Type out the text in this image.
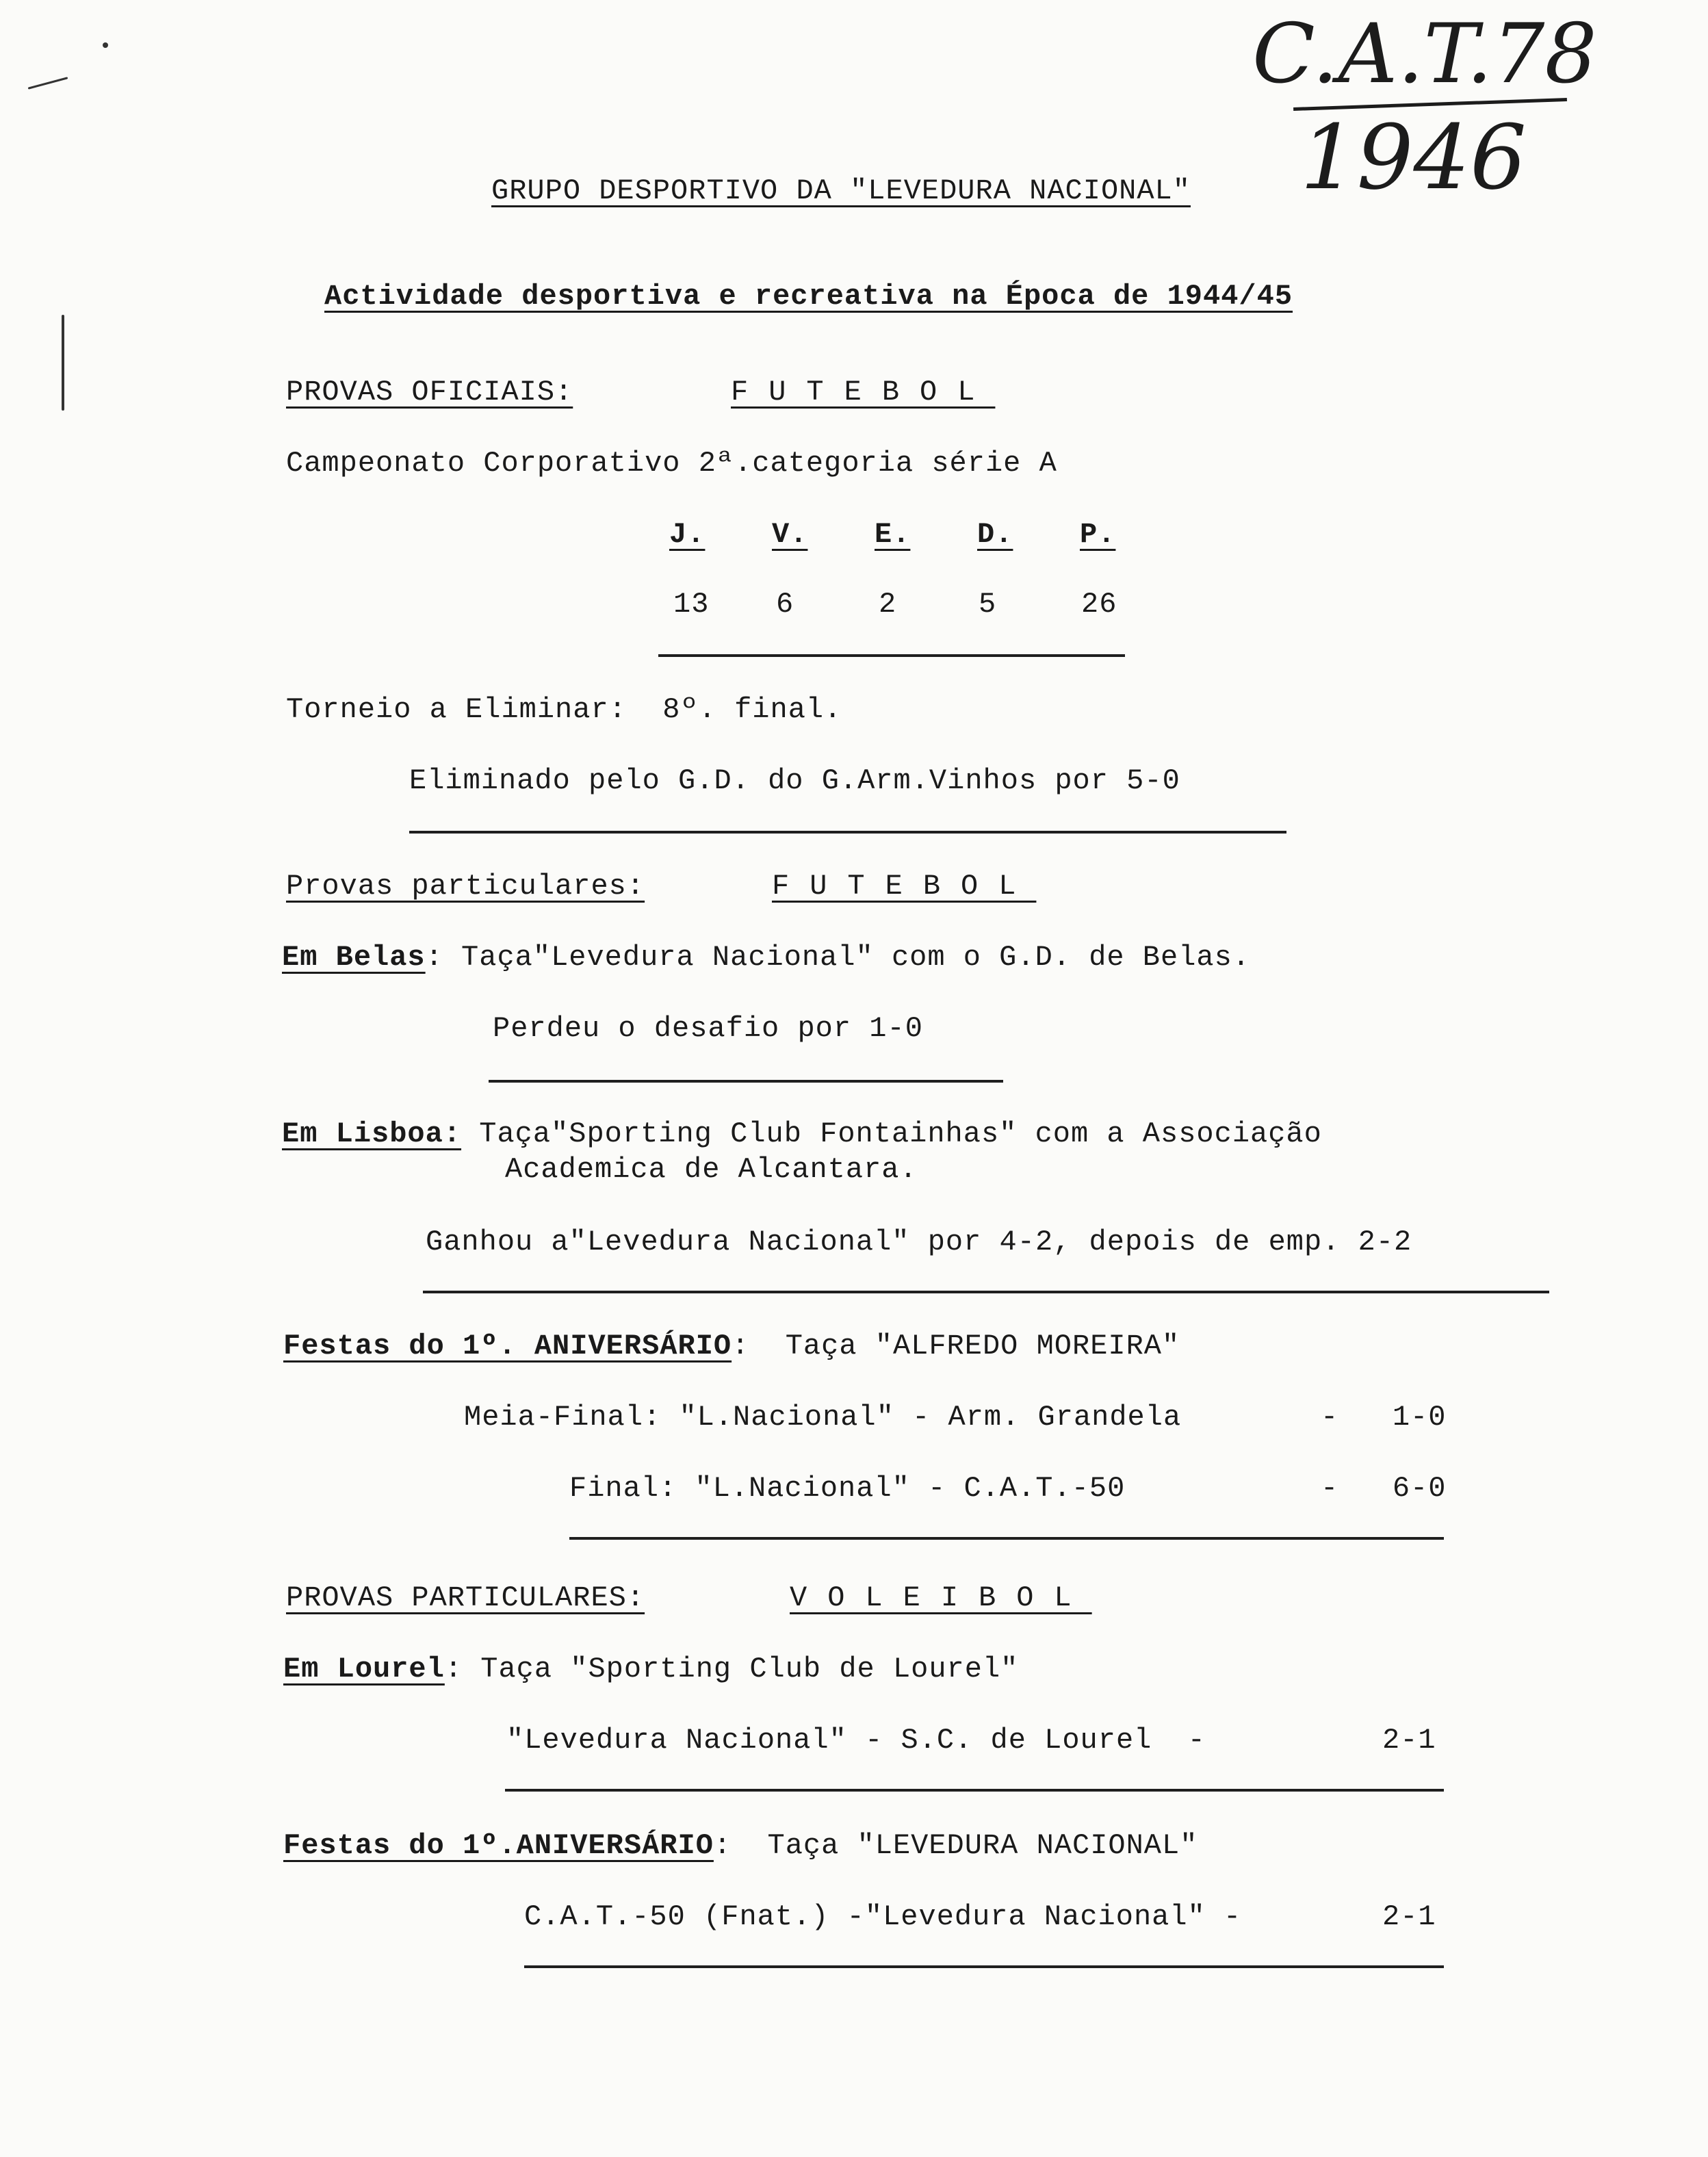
C.A.T.78
1946
GRUPO DESPORTIVO DA "LEVEDURA NACIONAL"
Actividade desportiva e recreativa na Época de 1944/45
PROVAS OFICIAIS:	FUTEBOL
Campeonato Corporativo 2ª.categoria série A
J. V. E. D. P.
13 6	2	5	26
Torneio a Eliminar:  8º. final.
Eliminado pelo G.D. do G.Arm.Vinhos por 5-0
Provas particulares:	FUTEBOL
Em Belas: Taça"Levedura Nacional" com o G.D. de Belas.
Perdeu o desafio por 1-0
Em Lisboa: Taça"Sporting Club Fontainhas" com a Associação
Academica de Alcantara.
Ganhou a"Levedura Nacional" por 4-2, depois de emp. 2-2
Festas do 1º. ANIVERSÁRIO:  Taça "ALFREDO MOREIRA"
Meia-Final: "L.Nacional" - Arm. Grandela	-   1-0
Final: "L.Nacional" - C.A.T.-50	-   6-0
PROVAS PARTICULARES:	VOLEIBOL
Em Lourel: Taça "Sporting Club de Lourel"
"Levedura Nacional" - S.C. de Lourel  -	2-1
Festas do 1º.ANIVERSÁRIO:  Taça "LEVEDURA NACIONAL"
C.A.T.-50 (Fnat.) -"Levedura Nacional" -	2-1
